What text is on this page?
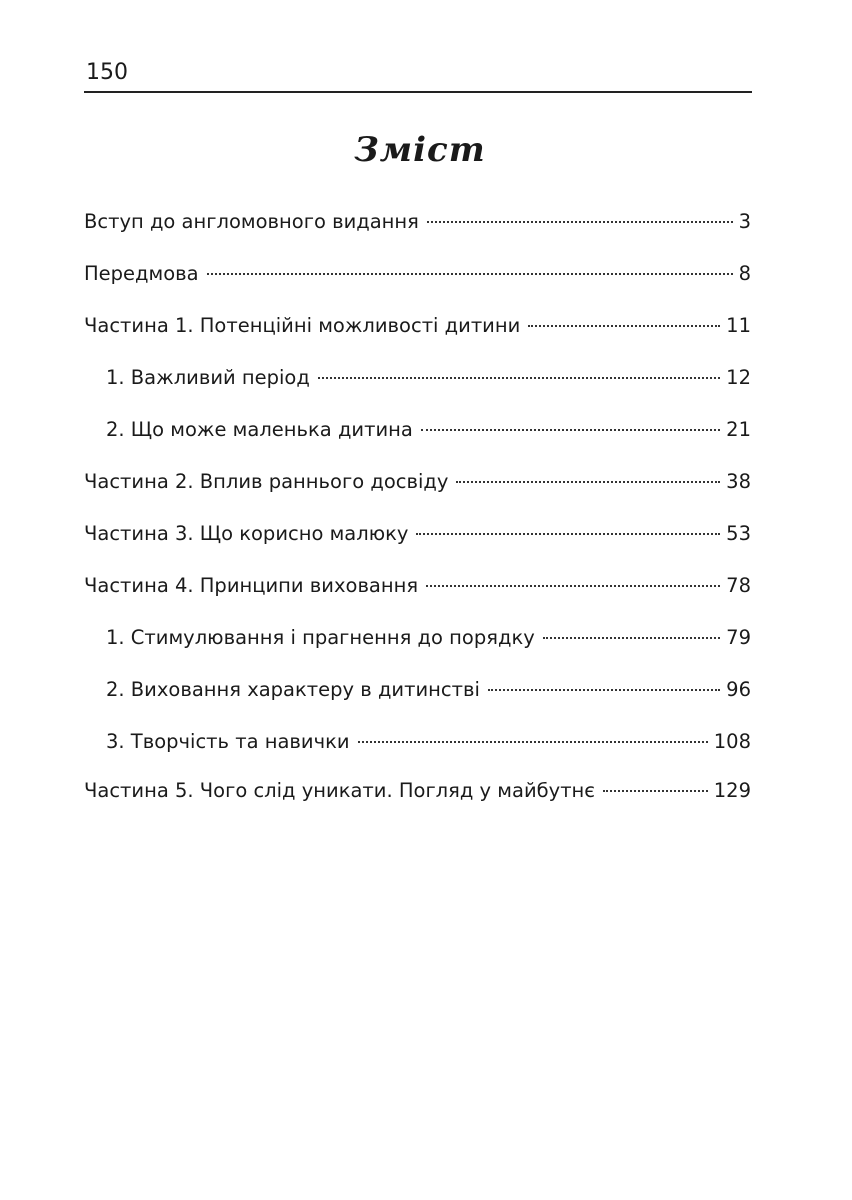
150
Зміст
Вступ до англомовного видання	3
Передмова	8
Частина 1. Потенційні можливості дитини	11
1. Важливий період	12
2. Що може маленька дитина	21
Частина 2. Вплив раннього досвіду	38
Частина 3. Що корисно малюку	53
Частина 4. Принципи виховання	78
1. Стимулювання і прагнення до порядку	79
2. Виховання характеру в дитинстві	96
3. Творчість та навички	108
Частина 5. Чого слід уникати. Погляд у майбутнє	129
